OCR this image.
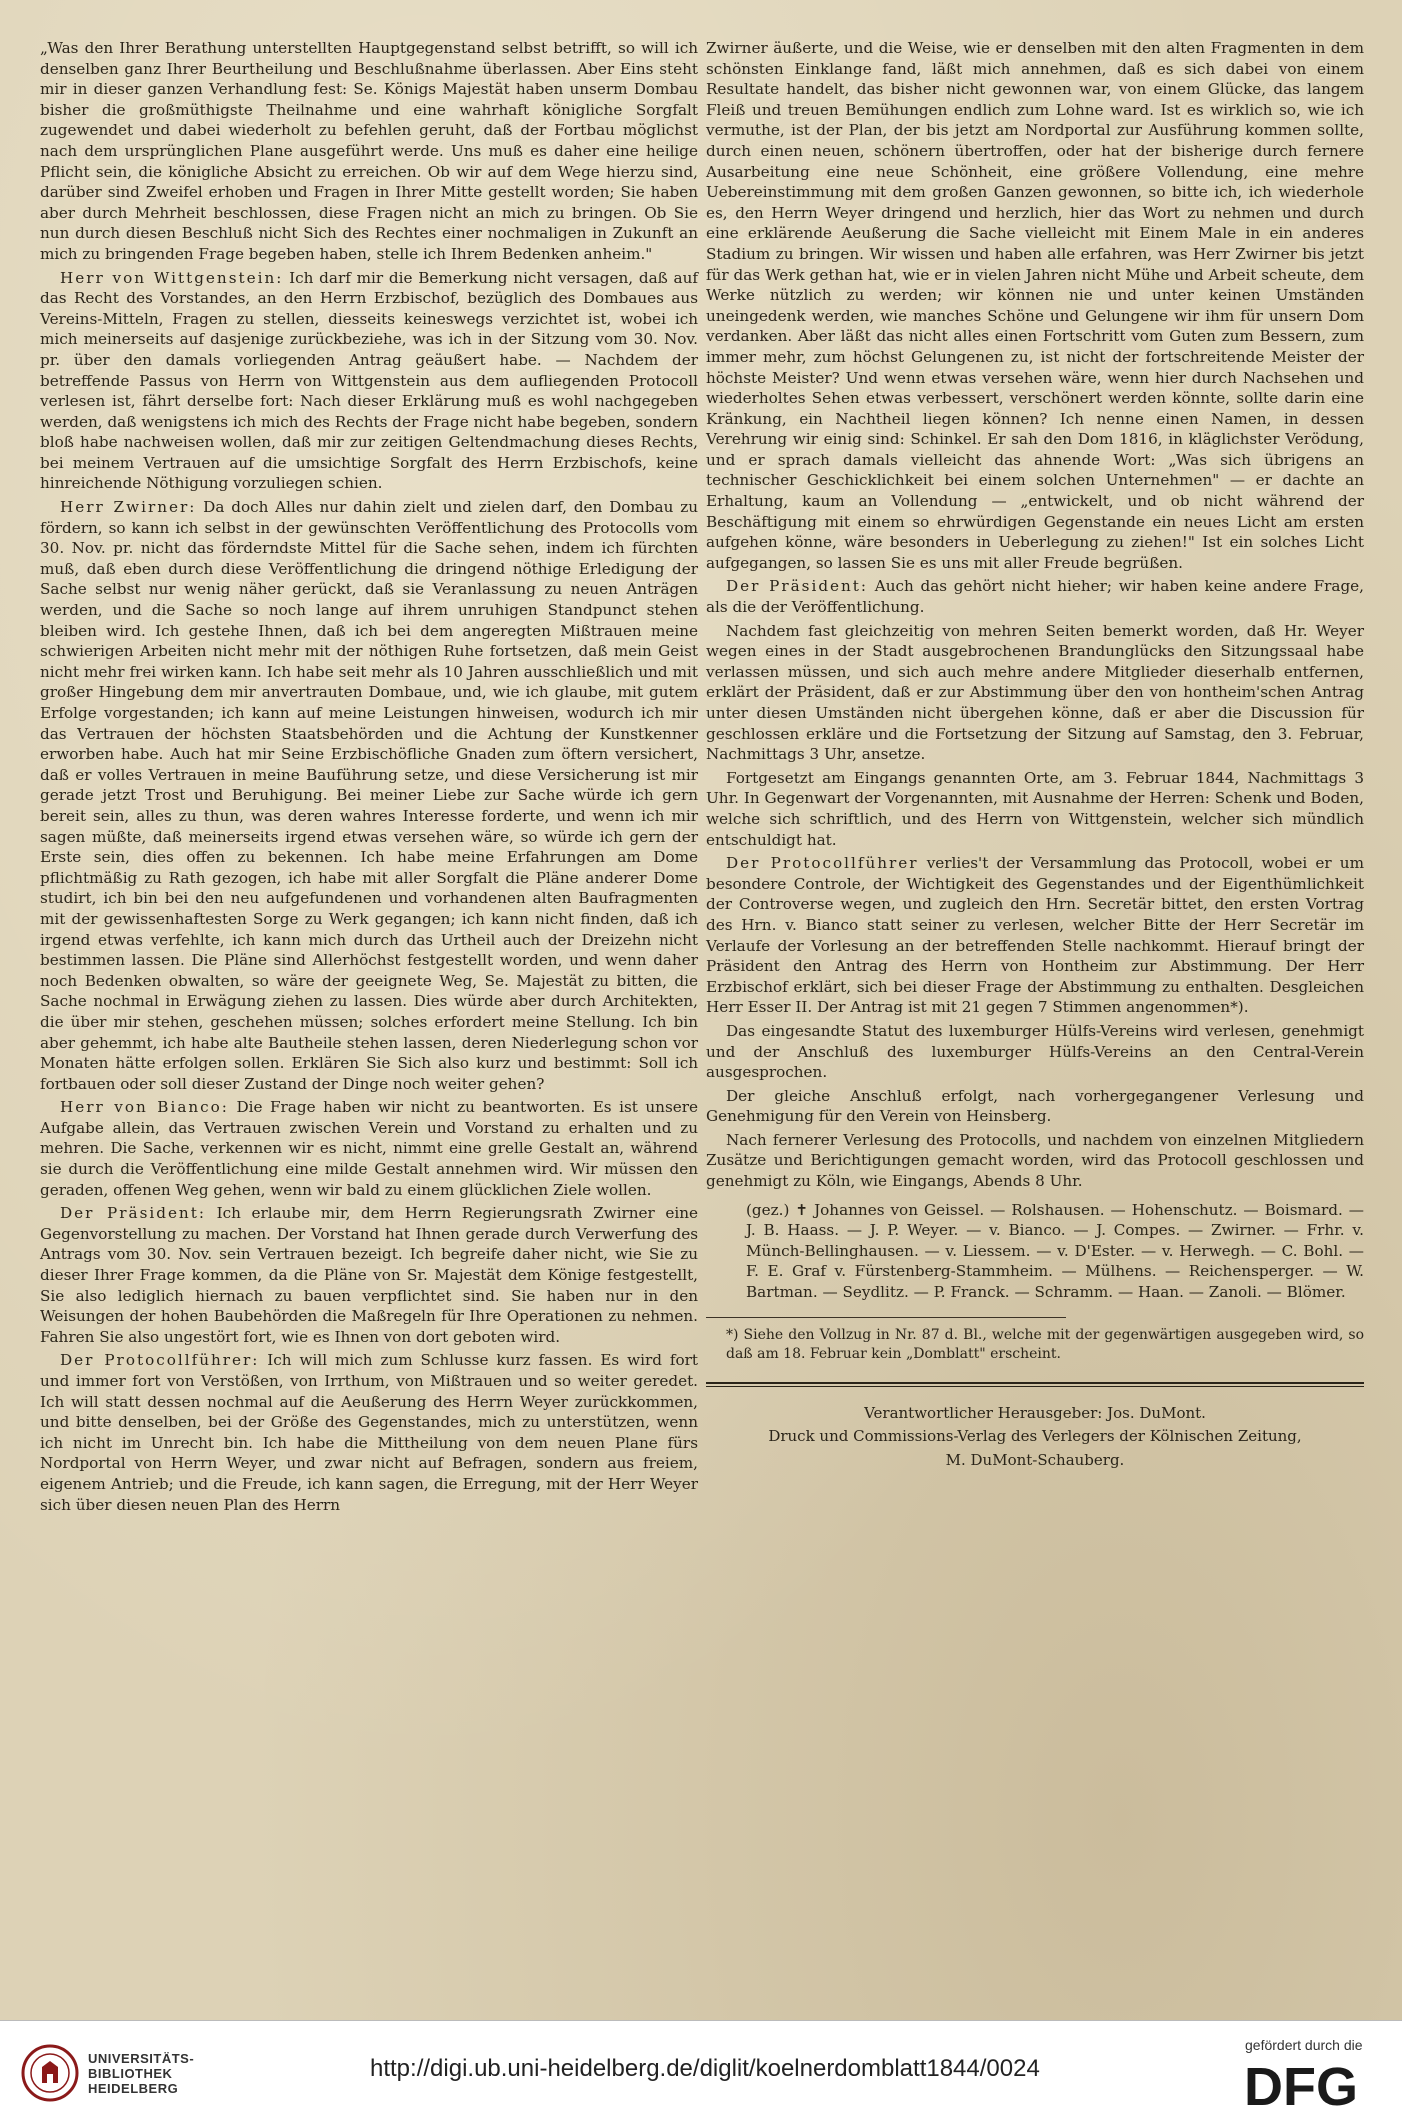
„Was den Ihrer Berathung unterstellten Hauptgegenstand selbst betrifft, so will ich denselben ganz Ihrer Beurtheilung und Beschlußnahme überlassen. Aber Eins steht mir in dieser ganzen Verhandlung fest: Se. Königs Majestät haben unserm Dombau bisher die großmüthigste Theilnahme und eine wahrhaft königliche Sorgfalt zugewendet und dabei wiederholt zu befehlen geruht, daß der Fortbau möglichst nach dem ursprünglichen Plane ausgeführt werde. Uns muß es daher eine heilige Pflicht sein, die königliche Absicht zu erreichen. Ob wir auf dem Wege hierzu sind, darüber sind Zweifel erhoben und Fragen in Ihrer Mitte gestellt worden; Sie haben aber durch Mehrheit beschlossen, diese Fragen nicht an mich zu bringen. Ob Sie nun durch diesen Beschluß nicht Sich des Rechtes einer nochmaligen in Zukunft an mich zu bringenden Frage begeben haben, stelle ich Ihrem Bedenken anheim."

Herr von Wittgenstein: Ich darf mir die Bemerkung nicht versagen, daß auf das Recht des Vorstandes, an den Herrn Erzbischof, bezüglich des Dombaues aus Vereins-Mitteln, Fragen zu stellen, diesseits keineswegs verzichtet ist, wobei ich mich meinerseits auf dasjenige zurückbeziehe, was ich in der Sitzung vom 30. Nov. pr. über den damals vorliegenden Antrag geäußert habe. — Nachdem der betreffende Passus von Herrn von Wittgenstein aus dem aufliegenden Protocoll verlesen ist, fährt derselbe fort: Nach dieser Erklärung muß es wohl nachgegeben werden, daß wenigstens ich mich des Rechts der Frage nicht habe begeben, sondern bloß habe nachweisen wollen, daß mir zur zeitigen Geltendmachung dieses Rechts, bei meinem Vertrauen auf die umsichtige Sorgfalt des Herrn Erzbischofs, keine hinreichende Nöthigung vorzuliegen schien.

Herr Zwirner: Da doch Alles nur dahin zielt und zielen darf, den Dombau zu fördern, so kann ich selbst in der gewünschten Veröffentlichung des Protocolls vom 30. Nov. pr. nicht das förderndste Mittel für die Sache sehen, indem ich fürchten muß, daß eben durch diese Veröffentlichung die dringend nöthige Erledigung der Sache selbst nur wenig näher gerückt, daß sie Veranlassung zu neuen Anträgen werden, und die Sache so noch lange auf ihrem unruhigen Standpunct stehen bleiben wird. Ich gestehe Ihnen, daß ich bei dem angeregten Mißtrauen meine schwierigen Arbeiten nicht mehr mit der nöthigen Ruhe fortsetzen, daß mein Geist nicht mehr frei wirken kann. Ich habe seit mehr als 10 Jahren ausschließlich und mit großer Hingebung dem mir anvertrauten Dombaue, und, wie ich glaube, mit gutem Erfolge vorgestanden; ich kann auf meine Leistungen hinweisen, wodurch ich mir das Vertrauen der höchsten Staatsbehörden und die Achtung der Kunstkenner erworben habe. Auch hat mir Seine Erzbischöfliche Gnaden zum öftern versichert, daß er volles Vertrauen in meine Bauführung setze, und diese Versicherung ist mir gerade jetzt Trost und Beruhigung. Bei meiner Liebe zur Sache würde ich gern bereit sein, alles zu thun, was deren wahres Interesse forderte, und wenn ich mir sagen müßte, daß meinerseits irgend etwas versehen wäre, so würde ich gern der Erste sein, dies offen zu bekennen. Ich habe meine Erfahrungen am Dome pflichtmäßig zu Rath gezogen, ich habe mit aller Sorgfalt die Pläne anderer Dome studirt, ich bin bei den neu aufgefundenen und vorhandenen alten Baufragmenten mit der gewissenhaftesten Sorge zu Werk gegangen; ich kann nicht finden, daß ich irgend etwas verfehlte, ich kann mich durch das Urtheil auch der Dreizehn nicht bestimmen lassen. Die Pläne sind Allerhöchst festgestellt worden, und wenn daher noch Bedenken obwalten, so wäre der geeignete Weg, Se. Majestät zu bitten, die Sache nochmal in Erwägung ziehen zu lassen. Dies würde aber durch Architekten, die über mir stehen, geschehen müssen; solches erfordert meine Stellung. Ich bin aber gehemmt, ich habe alte Bautheile stehen lassen, deren Niederlegung schon vor Monaten hätte erfolgen sollen. Erklären Sie Sich also kurz und bestimmt: Soll ich fortbauen oder soll dieser Zustand der Dinge noch weiter gehen?

Herr von Bianco: Die Frage haben wir nicht zu beantworten. Es ist unsere Aufgabe allein, das Vertrauen zwischen Verein und Vorstand zu erhalten und zu mehren. Die Sache, verkennen wir es nicht, nimmt eine grelle Gestalt an, während sie durch die Veröffentlichung eine milde Gestalt annehmen wird. Wir müssen den geraden, offenen Weg gehen, wenn wir bald zu einem glücklichen Ziele wollen.

Der Präsident: Ich erlaube mir, dem Herrn Regierungsrath Zwirner eine Gegenvorstellung zu machen. Der Vorstand hat Ihnen gerade durch Verwerfung des Antrags vom 30. Nov. sein Vertrauen bezeigt. Ich begreife daher nicht, wie Sie zu dieser Ihrer Frage kommen, da die Pläne von Sr. Majestät dem Könige festgestellt, Sie also lediglich hiernach zu bauen verpflichtet sind. Sie haben nur in den Weisungen der hohen Baubehörden die Maßregeln für Ihre Operationen zu nehmen. Fahren Sie also ungestört fort, wie es Ihnen von dort geboten wird.

Der Protocollführer: Ich will mich zum Schlusse kurz fassen. Es wird fort und immer fort von Verstößen, von Irrthum, von Mißtrauen und so weiter geredet. Ich will statt dessen nochmal auf die Aeußerung des Herrn Weyer zurückkommen, und bitte denselben, bei der Größe des Gegenstandes, mich zu unterstützen, wenn ich nicht im Unrecht bin. Ich habe die Mittheilung von dem neuen Plane fürs Nordportal von Herrn Weyer, und zwar nicht auf Befragen, sondern aus freiem, eigenem Antrieb; und die Freude, ich kann sagen, die Erregung, mit der Herr Weyer sich über diesen neuen Plan des Herrn

Zwirner äußerte, und die Weise, wie er denselben mit den alten Fragmenten in dem schönsten Einklange fand, läßt mich annehmen, daß es sich dabei von einem Resultate handelt, das bisher nicht gewonnen war, von einem Glücke, das langem Fleiß und treuen Bemühungen endlich zum Lohne ward. Ist es wirklich so, wie ich vermuthe, ist der Plan, der bis jetzt am Nordportal zur Ausführung kommen sollte, durch einen neuen, schönern übertroffen, oder hat der bisherige durch fernere Ausarbeitung eine neue Schönheit, eine größere Vollendung, eine mehre Uebereinstimmung mit dem großen Ganzen gewonnen, so bitte ich, ich wiederhole es, den Herrn Weyer dringend und herzlich, hier das Wort zu nehmen und durch eine erklärende Aeußerung die Sache vielleicht mit Einem Male in ein anderes Stadium zu bringen. Wir wissen und haben alle erfahren, was Herr Zwirner bis jetzt für das Werk gethan hat, wie er in vielen Jahren nicht Mühe und Arbeit scheute, dem Werke nützlich zu werden; wir können nie und unter keinen Umständen uneingedenk werden, wie manches Schöne und Gelungene wir ihm für unsern Dom verdanken. Aber läßt das nicht alles einen Fortschritt vom Guten zum Bessern, zum immer mehr, zum höchst Gelungenen zu, ist nicht der fortschreitende Meister der höchste Meister? Und wenn etwas versehen wäre, wenn hier durch Nachsehen und wiederholtes Sehen etwas verbessert, verschönert werden könnte, sollte darin eine Kränkung, ein Nachtheil liegen können? Ich nenne einen Namen, in dessen Verehrung wir einig sind: Schinkel. Er sah den Dom 1816, in kläglichster Verödung, und er sprach damals vielleicht das ahnende Wort: „Was sich übrigens an technischer Geschicklichkeit bei einem solchen Unternehmen" — er dachte an Erhaltung, kaum an Vollendung — „entwickelt, und ob nicht während der Beschäftigung mit einem so ehrwürdigen Gegenstande ein neues Licht am ersten aufgehen könne, wäre besonders in Ueberlegung zu ziehen!" Ist ein solches Licht aufgegangen, so lassen Sie es uns mit aller Freude begrüßen.

Der Präsident: Auch das gehört nicht hieher; wir haben keine andere Frage, als die der Veröffentlichung.

Nachdem fast gleichzeitig von mehren Seiten bemerkt worden, daß Hr. Weyer wegen eines in der Stadt ausgebrochenen Brandunglücks den Sitzungssaal habe verlassen müssen, und sich auch mehre andere Mitglieder dieserhalb entfernen, erklärt der Präsident, daß er zur Abstimmung über den von hontheim'schen Antrag unter diesen Umständen nicht übergehen könne, daß er aber die Discussion für geschlossen erkläre und die Fortsetzung der Sitzung auf Samstag, den 3. Februar, Nachmittags 3 Uhr, ansetze.

Fortgesetzt am Eingangs genannten Orte, am 3. Februar 1844, Nachmittags 3 Uhr. In Gegenwart der Vorgenannten, mit Ausnahme der Herren: Schenk und Boden, welche sich schriftlich, und des Herrn von Wittgenstein, welcher sich mündlich entschuldigt hat.

Der Protocollführer verlies't der Versammlung das Protocoll, wobei er um besondere Controle, der Wichtigkeit des Gegenstandes und der Eigenthümlichkeit der Controverse wegen, und zugleich den Hrn. Secretär bittet, den ersten Vortrag des Hrn. v. Bianco statt seiner zu verlesen, welcher Bitte der Herr Secretär im Verlaufe der Vorlesung an der betreffenden Stelle nachkommt. Hierauf bringt der Präsident den Antrag des Herrn von Hontheim zur Abstimmung. Der Herr Erzbischof erklärt, sich bei dieser Frage der Abstimmung zu enthalten. Desgleichen Herr Esser II. Der Antrag ist mit 21 gegen 7 Stimmen angenommen*).

Das eingesandte Statut des luxemburger Hülfs-Vereins wird verlesen, genehmigt und der Anschluß des luxemburger Hülfs-Vereins an den Central-Verein ausgesprochen.

Der gleiche Anschluß erfolgt, nach vorhergegangener Verlesung und Genehmigung für den Verein von Heinsberg.

Nach fernerer Verlesung des Protocolls, und nachdem von einzelnen Mitgliedern Zusätze und Berichtigungen gemacht worden, wird das Protocoll geschlossen und genehmigt zu Köln, wie Eingangs, Abends 8 Uhr.

(gez.) ✝ Johannes von Geissel. — Rolshausen. — Hohenschutz. — Boismard. — J. B. Haass. — J. P. Weyer. — v. Bianco. — J. Compes. — Zwirner. — Frhr. v. Münch-Bellinghausen. — v. Liessem. — v. D'Ester. — v. Herwegh. — C. Bohl. — F. E. Graf v. Fürstenberg-Stammheim. — Mülhens. — Reichensperger. — W. Bartman. — Seydlitz. — P. Franck. — Schramm. — Haan. — Zanoli. — Blömer.

*) Siehe den Vollzug in Nr. 87 d. Bl., welche mit der gegenwärtigen ausgegeben wird, so daß am 18. Februar kein „Domblatt" erscheint.

Verantwortlicher Herausgeber: Jos. DuMont.

Druck und Commissions-Verlag des Verlegers der Kölnischen Zeitung,

M. DuMont-Schauberg.

UNIVERSITÄTS-
BIBLIOTHEK
HEIDELBERG
http://digi.ub.uni-heidelberg.de/diglit/koelnerdomblatt1844/0024
gefördert durch die
DFG
